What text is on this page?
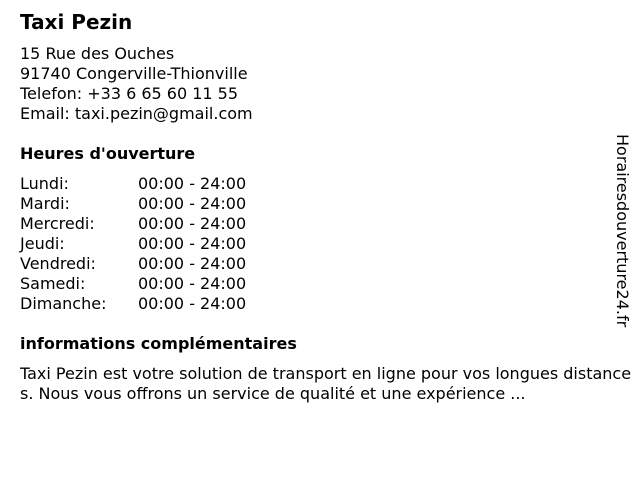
Taxi Pezin
15 Rue des Ouches
91740 Congerville-Thionville
Telefon: +33 6 65 60 11 55
Email: taxi.pezin@gmail.com
Heures d'ouverture
Lundi:	00:00 - 24:00
Mardi:	00:00 - 24:00
Mercredi:	00:00 - 24:00
Jeudi:	00:00 - 24:00
Vendredi:	00:00 - 24:00
Samedi:	00:00 - 24:00
Dimanche:	00:00 - 24:00
informations complémentaires
Taxi Pezin est votre solution de transport en ligne pour vos longues distances. Nous vous offrons un service de qualité et une expérience ...
Horairesdouverture24.fr
